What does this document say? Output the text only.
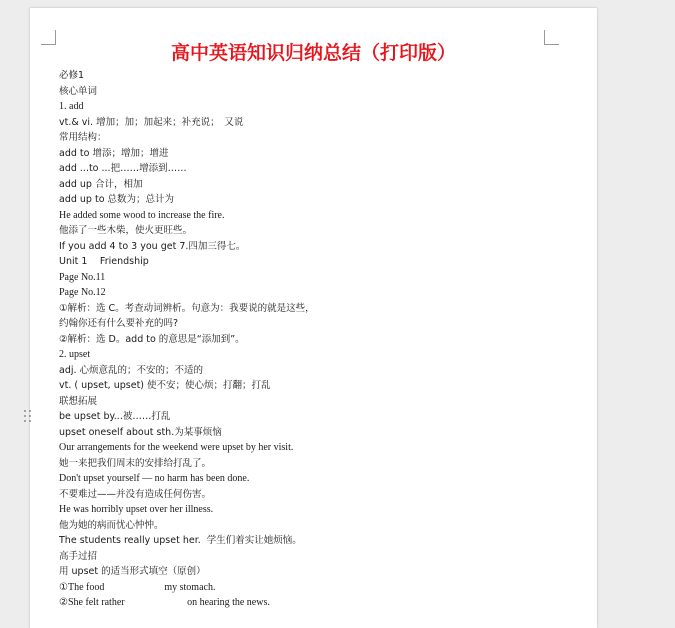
高中英语知识归纳总结（打印版）
必修1
核心单词
1. add
vt.& vi. 增加；加；加起来；补充说；　又说
常用结构：
add to 增添；增加；增进
add ...to ...把……增添到……
add up 合计，相加
add up to 总数为；总计为
He added some wood to increase the fire.
他添了一些木柴，使火更旺些。
If you add 4 to 3 you get 7.四加三得七。
Unit 1　 Friendship
Page No.11
Page No.12
①解析：选 C。考查动词辨析。句意为：我要说的就是这些，
约翰你还有什么要补充的吗?
②解析：选 D。add to 的意思是“添加到”。
2. upset
adj. 心烦意乱的；不安的；不适的
vt. ( upset, upset) 使不安；使心烦；打翻；打乱
联想拓展
be upset by...被……打乱
upset oneself about sth.为某事烦恼
Our arrangements for the weekend were upset by her visit.
她一来把我们周末的安排给打乱了。
Don't upset yourself — no harm has been done.
不要难过——并没有造成任何伤害。
He was horribly upset over her illness.
他为她的病而忧心忡忡。
The students really upset her.  学生们着实让她烦恼。
高手过招
用 upset 的适当形式填空（原创）
①The food                        my stomach.
②She felt rather                         on hearing the news.
